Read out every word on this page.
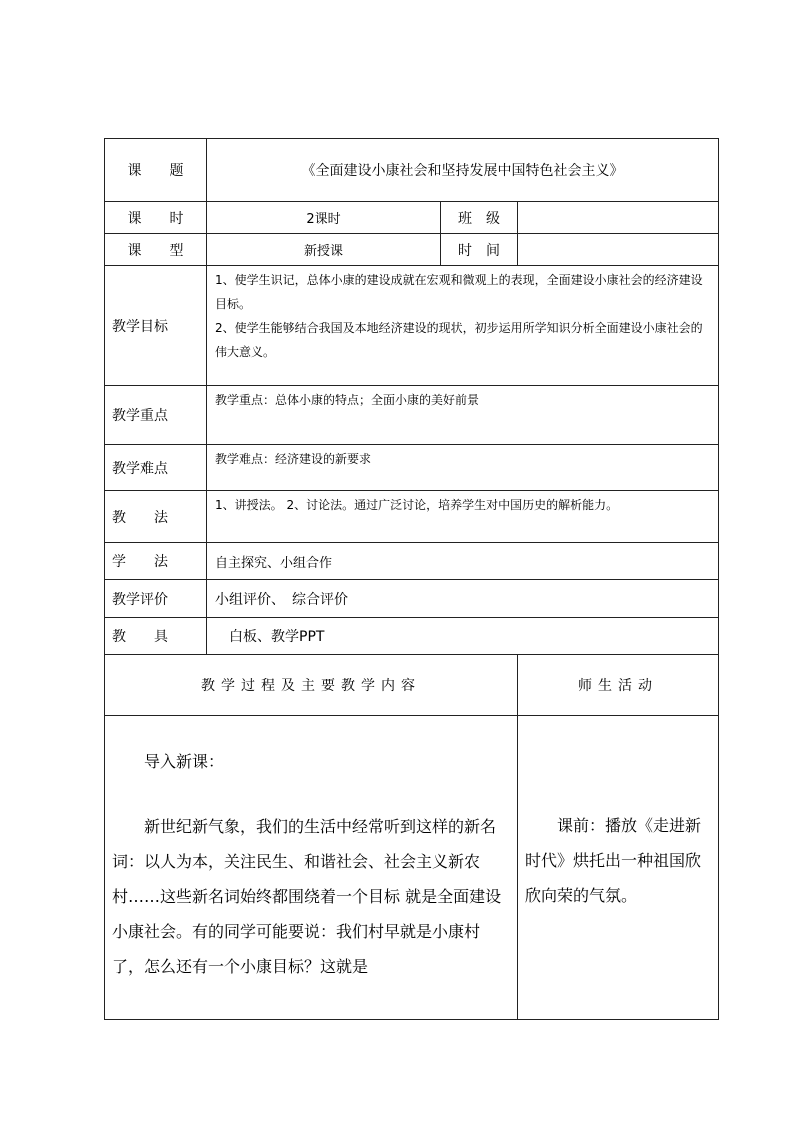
课　　题	《全面建设小康社会和坚持发展中国特色社会主义》		
课　　时	2课时	班　级	
课　　型	新授课	时　间	
教学目标	1、使学生识记，总体小康的建设成就在宏观和微观上的表现，全面建设小康社会的经济建设目标。
2、使学生能够结合我国及本地经济建设的现状，初步运用所学知识分析全面建设小康社会的伟大意义。		

教学重点	教学重点：总体小康的特点；全面小康的美好前景		
教学难点	教学难点：经济建设的新要求		
教　　法	1、讲授法。 2、讨论法。通过广泛讨论，培养学生对中国历史的解析能力。		
学　　法	自主探究、小组合作		
教学评价	小组评价、　综合评价		
教　　具	　白板、教学PPT		
教学过程及主要教学内容			师生活动

导入新课：

新世纪新气象，我们的生活中经常听到这样的新名词：以人为本，关注民生、和谐社会、社会主义新农村……这些新名词始终都围绕着一个目标 就是全面建设小康社会。有的同学可能要说：我们村早就是小康村了，怎么还有一个小康目标？这就是			课前：播放《走进新时代》烘托出一种祖国欣欣向荣的气氛。
